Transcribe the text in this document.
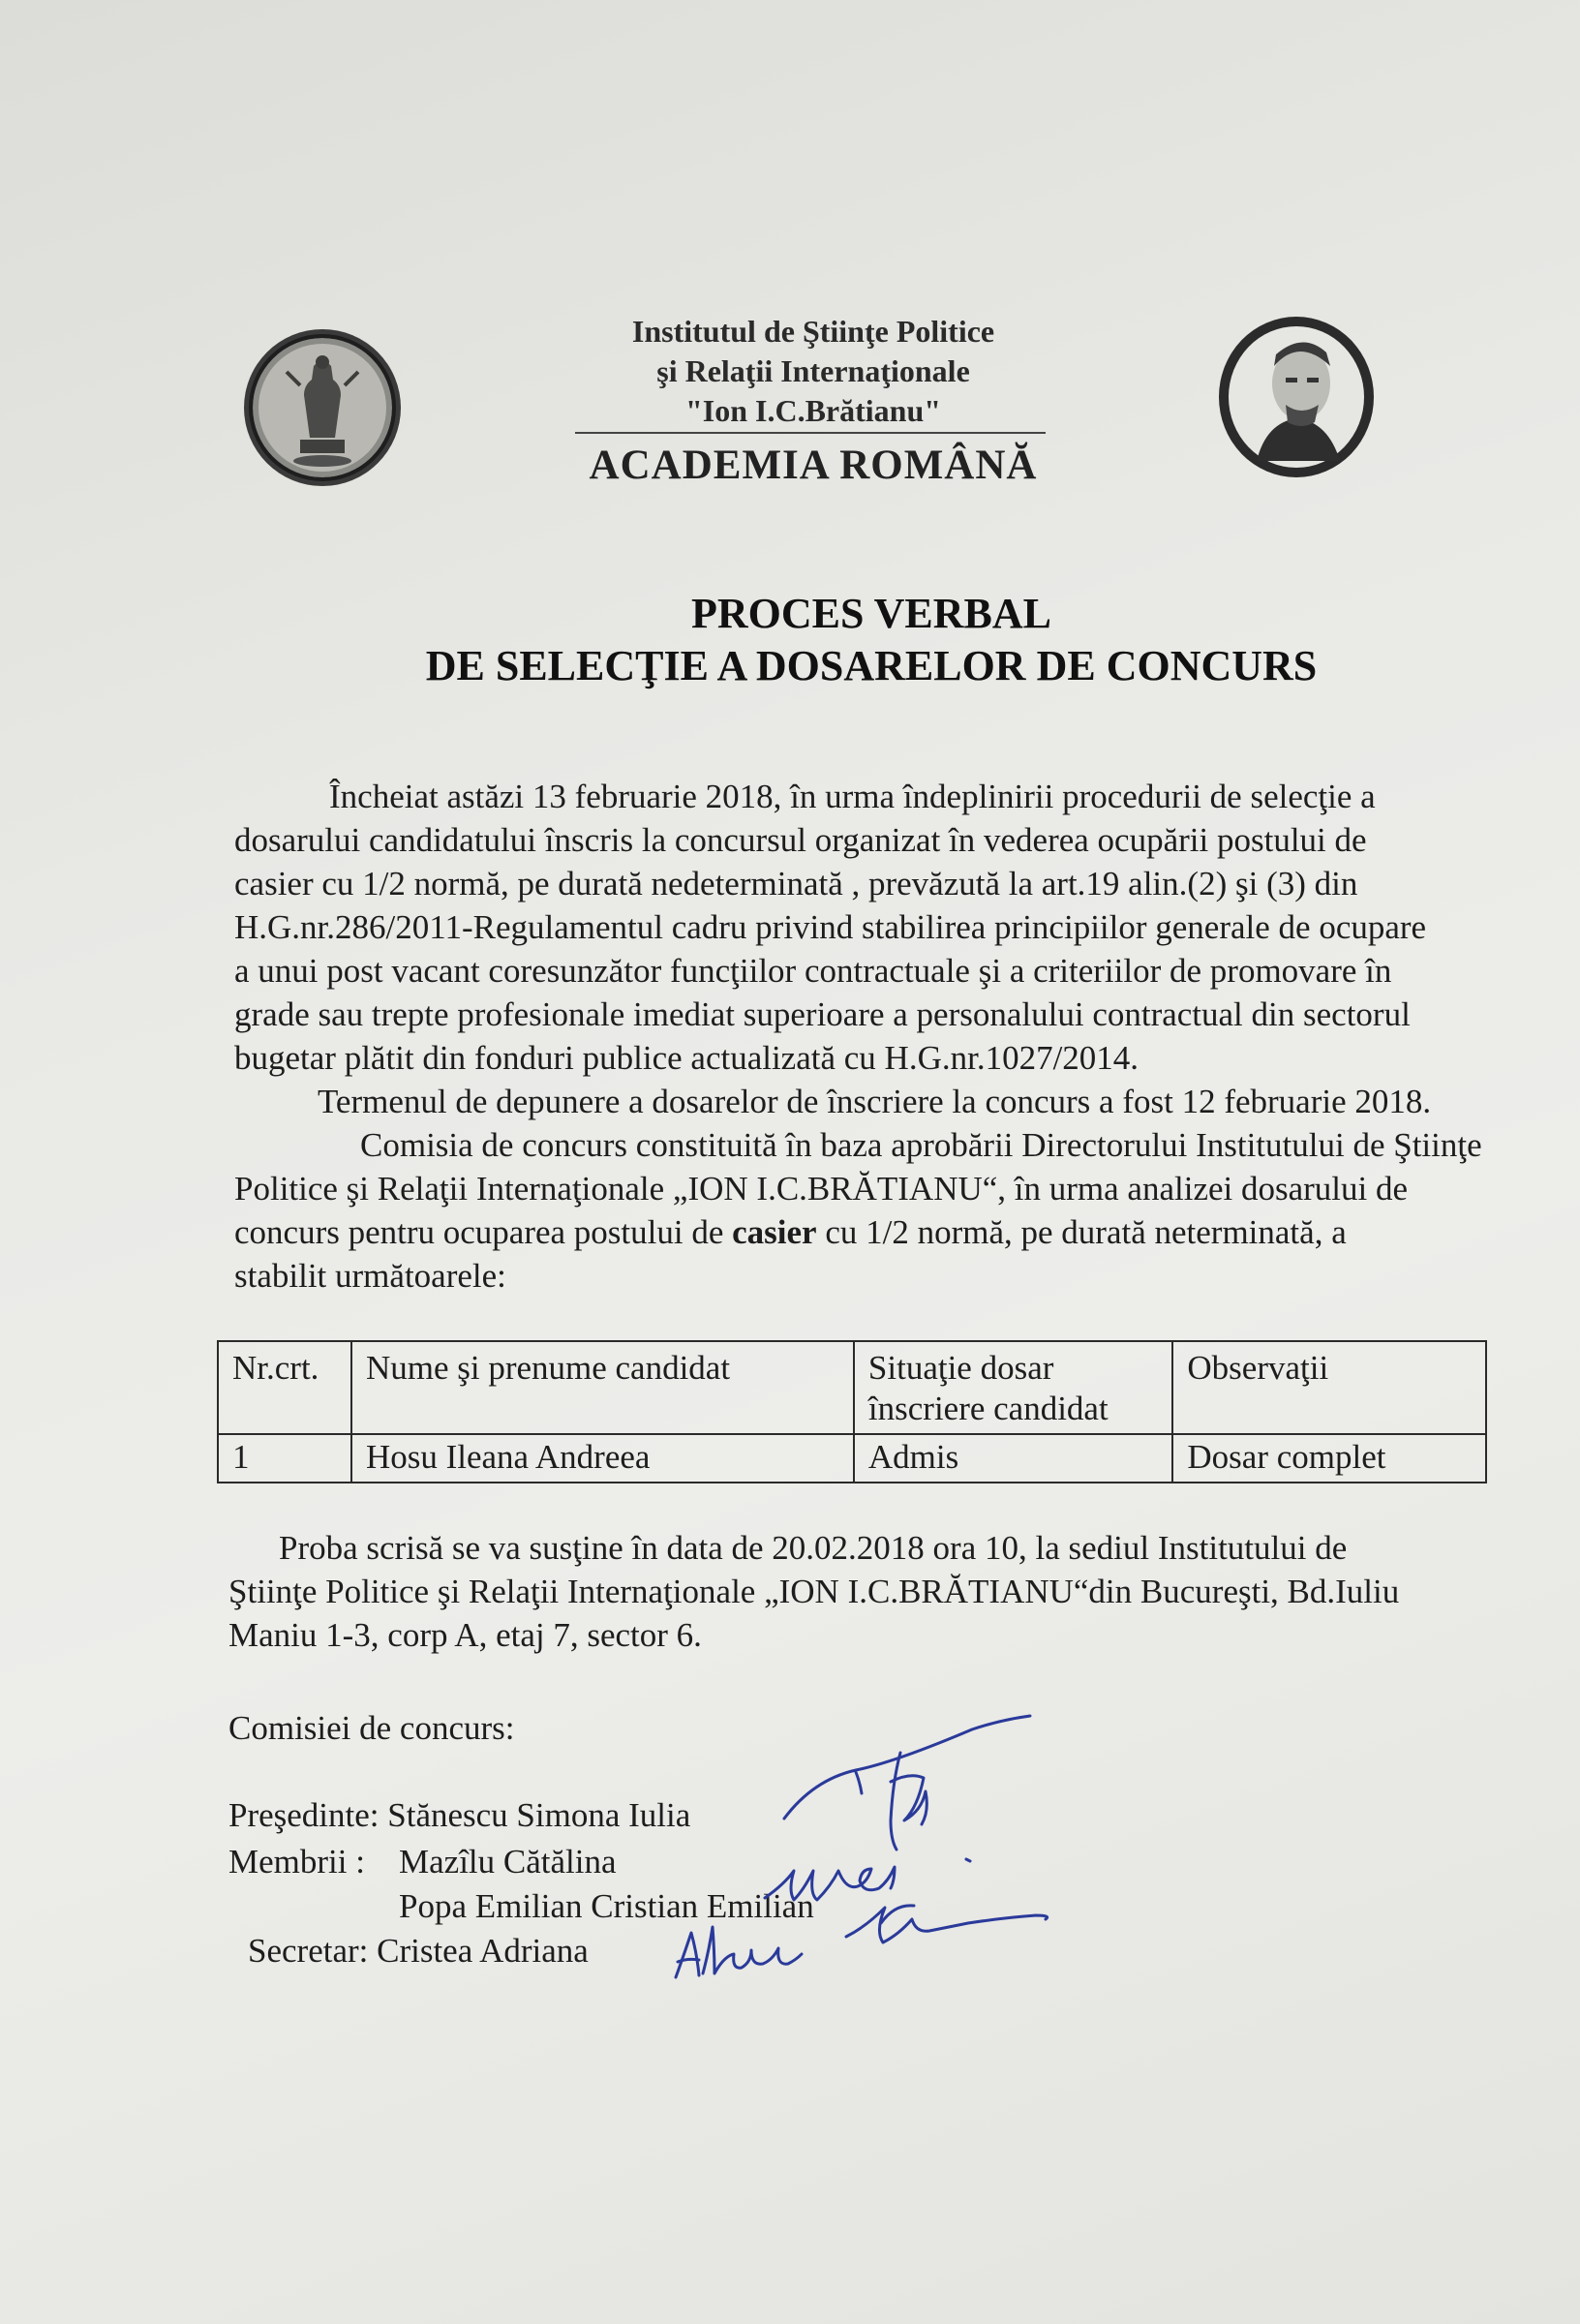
Institutul de Ştiinţe Politice
şi Relaţii Internaţionale
"Ion I.C.Brătianu"
ACADEMIA ROMÂNĂ
PROCES VERBAL
DE SELECŢIE A DOSARELOR DE CONCURS
Încheiat astăzi 13 februarie 2018, în urma îndeplinirii procedurii de selecţie a
dosarului candidatului înscris la concursul organizat în vederea ocupării postului de
casier cu 1/2 normă, pe durată nedeterminată , prevăzută la art.19 alin.(2) şi (3) din
H.G.nr.286/2011-Regulamentul cadru privind stabilirea principiilor generale de ocupare
a unui post vacant coresunzător funcţiilor contractuale şi a criteriilor de promovare în
grade sau trepte profesionale imediat superioare a personalului contractual din sectorul
bugetar plătit din fonduri publice actualizată cu H.G.nr.1027/2014.
Termenul de depunere a dosarelor de înscriere la concurs a fost 12 februarie 2018.
Comisia de concurs constituită în baza aprobării Directorului Institutului de Ştiinţe
Politice şi Relaţii Internaţionale „ION I.C.BRĂTIANU“, în urma analizei dosarului de
concurs pentru ocuparea postului de casier cu 1/2 normă, pe durată neterminată, a
stabilit următoarele:
Nr.crt.	Nume şi prenume candidat	Situaţie dosar înscriere candidat	Observaţii
1	Hosu Ileana Andreea	Admis	Dosar complet
Proba scrisă se va susţine în data de 20.02.2018 ora 10, la sediul Institutului de
Ştiinţe Politice şi Relaţii Internaţionale „ION I.C.BRĂTIANU“din Bucureşti, Bd.Iuliu
Maniu 1-3, corp A, etaj 7, sector 6.
Comisiei de concurs:
Preşedinte: Stănescu Simona Iulia
Membrii : Mazîlu Cătălina
Popa Emilian Cristian Emilian
Secretar: Cristea Adriana
